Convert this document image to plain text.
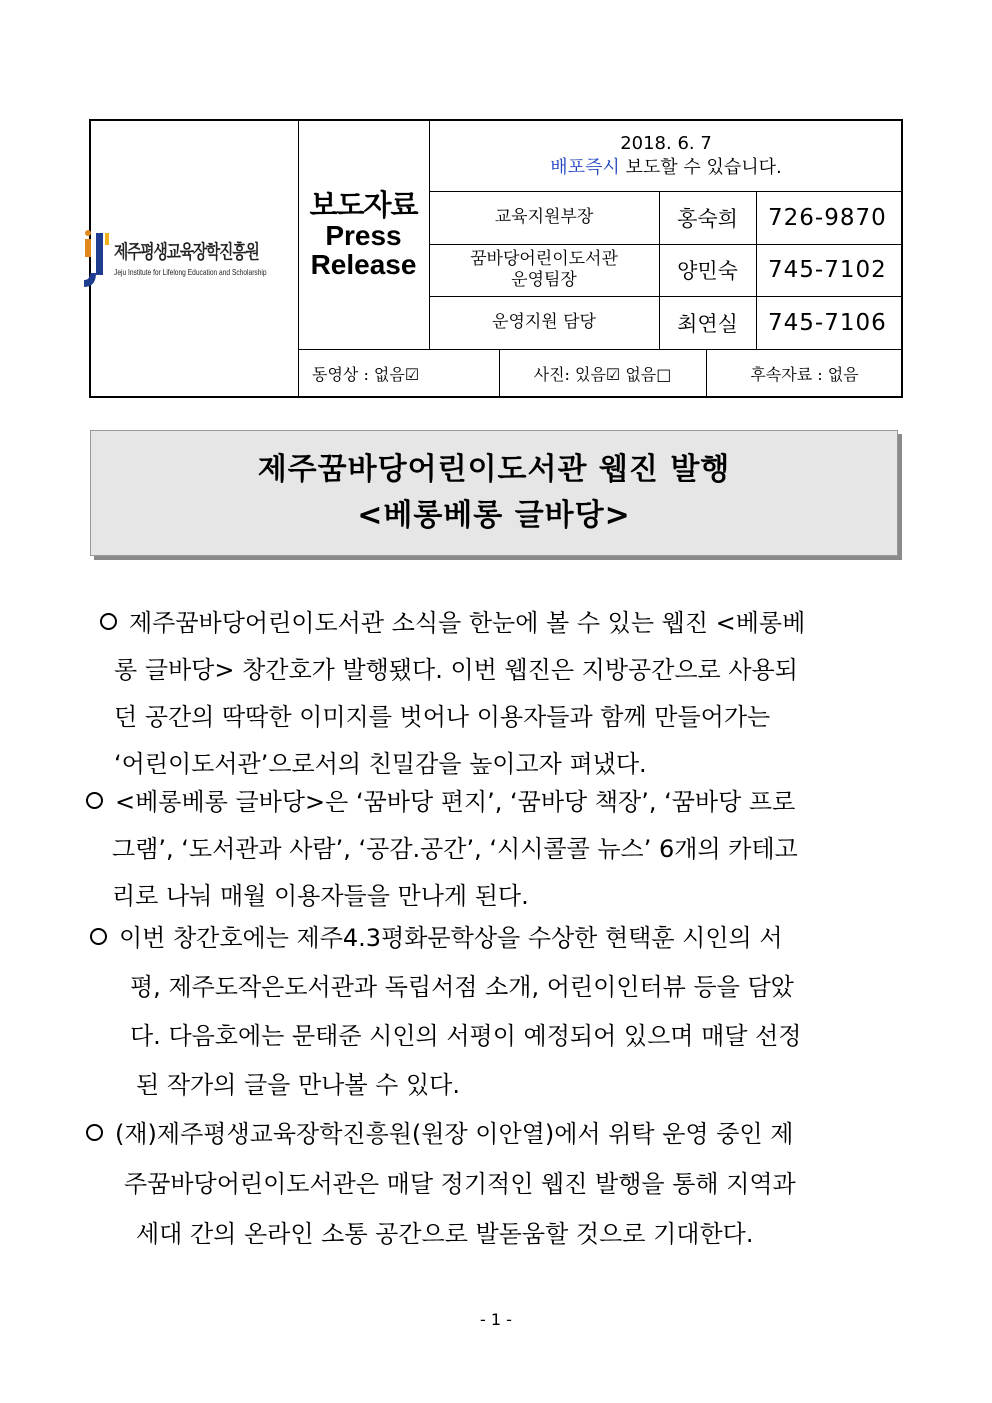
제주평생교육장학진흥원
Jeju Institute for Lifelong Education and Scholarship
보도자료
Press
Release
2018. 6. 7
배포즉시 보도할 수 있습니다.
교육지원부장	홍숙희	726-9870
꿈바당어린이도서관
운영팀장	양민숙	745-7102
운영지원 담당	최연실	745-7106
동영상 : 없음☑	사진: 있음☑ 없음□	후속자료 : 없음
제주꿈바당어린이도서관 웹진 발행
<베롱베롱 글바당>
제주꿈바당어린이도서관 소식을 한눈에 볼 수 있는 웹진 <베롱베
롱 글바당> 창간호가 발행됐다. 이번 웹진은 지방공간으로 사용되
던 공간의 딱딱한 이미지를 벗어나 이용자들과 함께 만들어가는
‘어린이도서관’으로서의 친밀감을 높이고자 펴냈다.
<베롱베롱 글바당>은 ‘꿈바당 편지’, ‘꿈바당 책장’, ‘꿈바당 프로
그램’, ‘도서관과 사람’, ‘공감.공간’, ‘시시콜콜 뉴스’ 6개의 카테고
리로 나눠 매월 이용자들을 만나게 된다.
이번 창간호에는 제주4.3평화문학상을 수상한 현택훈 시인의 서
평, 제주도작은도서관과 독립서점 소개, 어린이인터뷰 등을 담았
다. 다음호에는 문태준 시인의 서평이 예정되어 있으며 매달 선정
된 작가의 글을 만나볼 수 있다.
(재)제주평생교육장학진흥원(원장 이안열)에서 위탁 운영 중인 제
주꿈바당어린이도서관은 매달 정기적인 웹진 발행을 통해 지역과
세대 간의 온라인 소통 공간으로 발돋움할 것으로 기대한다.
- 1 -
